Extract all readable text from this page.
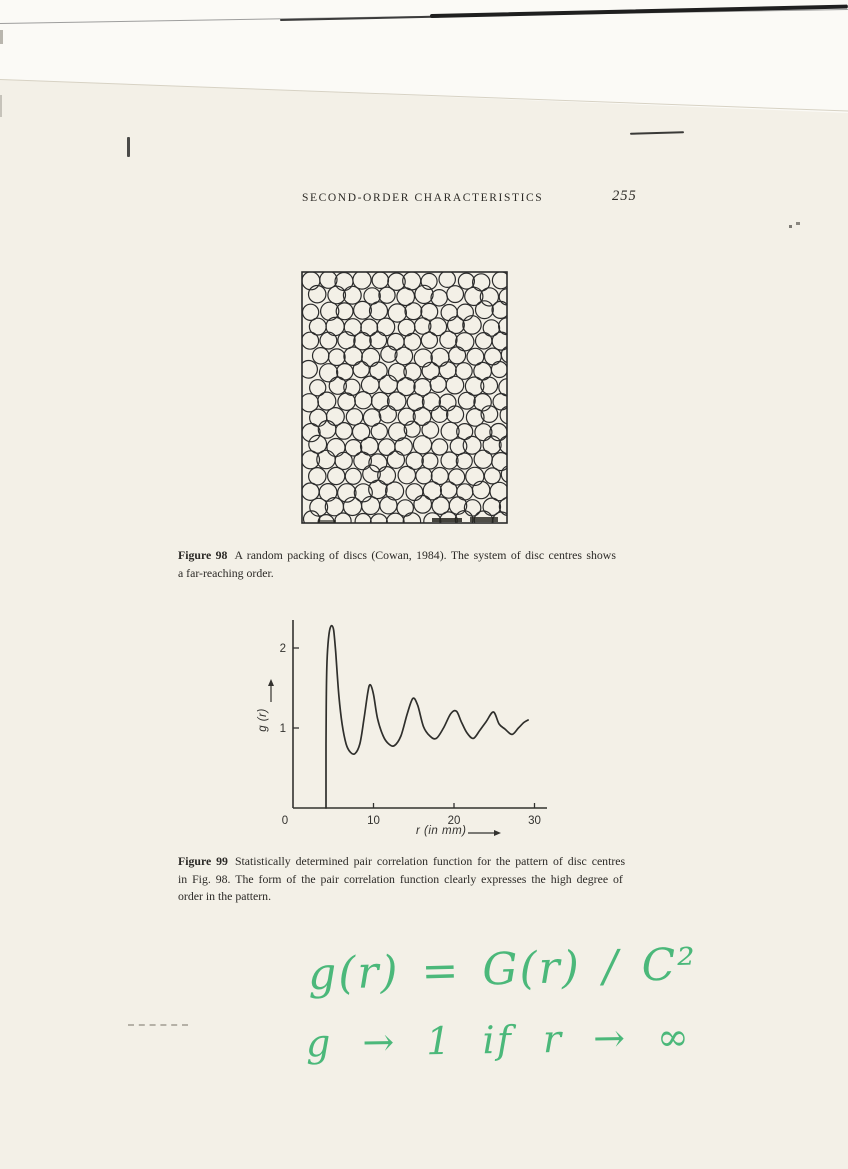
SECOND-ORDER CHARACTERISTICS	255
Figure 98 A random packing of discs (Cowan, 1984). The system of disc centres shows
a far-reaching order.
0	10	20	30
1
2
g (r)
r (in mm)
Figure 99 Statistically determined pair correlation function for the pattern of disc centres
in Fig. 98. The form of the pair correlation function clearly expresses the high degree of
order in the pattern.
g(r) = G(r) / C²
g → 1 if r → ∞
